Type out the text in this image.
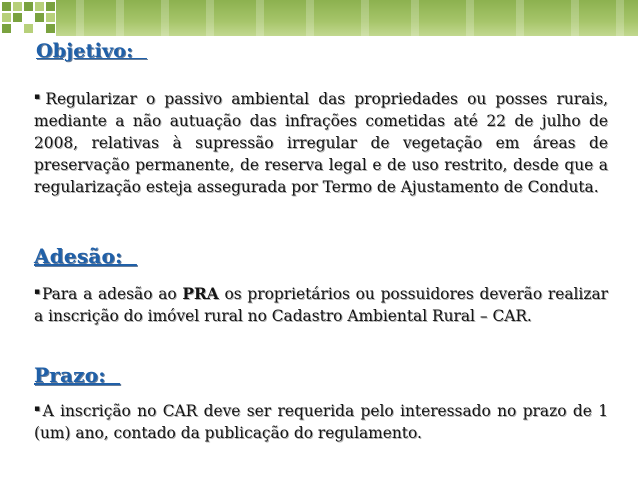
Objetivo:
▪Regularizar o passivo ambiental das propriedades ou posses rurais, mediante a não autuação das infrações cometidas até 22 de julho de 2008, relativas à supressão irregular de vegetação em áreas de preservação permanente, de reserva legal e de uso restrito, desde que a regularização esteja assegurada por Termo de Ajustamento de Conduta.
Adesão:
▪Para a adesão ao PRA os proprietários ou possuidores deverão realizar a inscrição do imóvel rural no Cadastro Ambiental Rural – CAR.
Prazo:
▪A inscrição no CAR deve ser requerida pelo interessado no prazo de 1 (um) ano, contado da publicação do regulamento.
